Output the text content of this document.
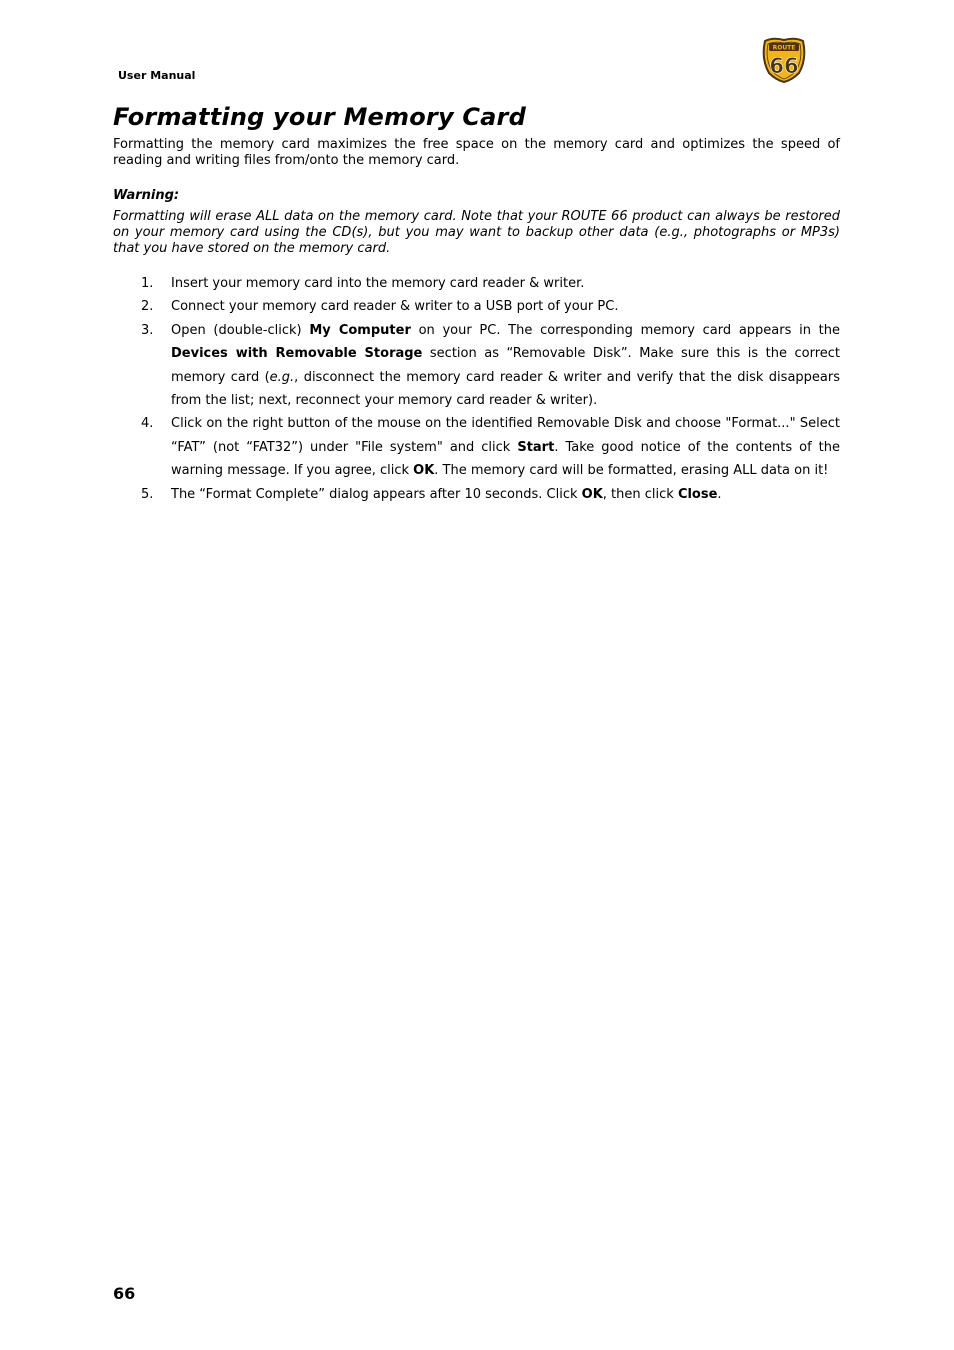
User Manual
ROUTE
66
Formatting your Memory Card

Formatting the memory card maximizes the free space on the memory card and optimizes the speed of reading and writing files from/onto the memory card.

Warning:

Formatting will erase ALL data on the memory card. Note that your ROUTE 66 product can always be restored on your memory card using the CD(s), but you may want to backup other data (e.g., photographs or MP3s) that you have stored on the memory card.

1.	Insert your memory card into the memory card reader & writer.
2.	Connect your memory card reader & writer to a USB port of your PC.
3.	Open (double-click) My Computer on your PC. The corresponding memory card appears in the Devices with Removable Storage section as “Removable Disk”. Make sure this is the correct memory card (e.g., disconnect the memory card reader & writer and verify that the disk disappears from the list; next, reconnect your memory card reader & writer).
4.	Click on the right button of the mouse on the identified Removable Disk and choose "Format..." Select “FAT” (not “FAT32”) under "File system" and click Start. Take good notice of the contents of the warning message. If you agree, click OK. The memory card will be formatted, erasing ALL data on it!
5.	The “Format Complete” dialog appears after 10 seconds. Click OK, then click Close.
66
